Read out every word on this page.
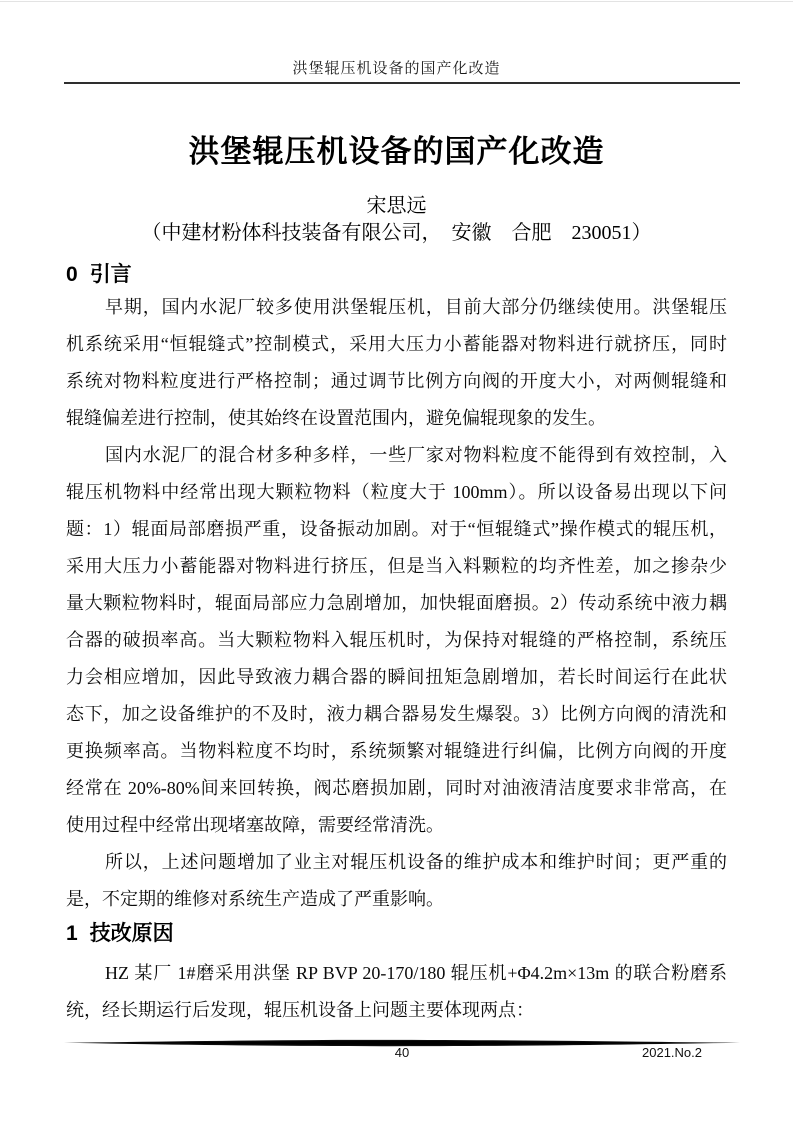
洪堡辊压机设备的国产化改造
洪堡辊压机设备的国产化改造
宋思远
（中建材粉体科技装备有限公司，　安徽　合肥　230051）
0 引言
早期，国内水泥厂较多使用洪堡辊压机，目前大部分仍继续使用。洪堡辊压
机系统采用“恒辊缝式”控制模式，采用大压力小蓄能器对物料进行就挤压，同时
系统对物料粒度进行严格控制；通过调节比例方向阀的开度大小，对两侧辊缝和
辊缝偏差进行控制，使其始终在设置范围内，避免偏辊现象的发生。
国内水泥厂的混合材多种多样，一些厂家对物料粒度不能得到有效控制，入
辊压机物料中经常出现大颗粒物料（粒度大于 100mm）。所以设备易出现以下问
题：1）辊面局部磨损严重，设备振动加剧。对于“恒辊缝式”操作模式的辊压机，
采用大压力小蓄能器对物料进行挤压，但是当入料颗粒的均齐性差，加之掺杂少
量大颗粒物料时，辊面局部应力急剧增加，加快辊面磨损。2）传动系统中液力耦
合器的破损率高。当大颗粒物料入辊压机时，为保持对辊缝的严格控制，系统压
力会相应增加，因此导致液力耦合器的瞬间扭矩急剧增加，若长时间运行在此状
态下，加之设备维护的不及时，液力耦合器易发生爆裂。3）比例方向阀的清洗和
更换频率高。当物料粒度不均时，系统频繁对辊缝进行纠偏，比例方向阀的开度
经常在 20%-80%间来回转换，阀芯磨损加剧，同时对油液清洁度要求非常高，在
使用过程中经常出现堵塞故障，需要经常清洗。
所以，上述问题增加了业主对辊压机设备的维护成本和维护时间；更严重的
是，不定期的维修对系统生产造成了严重影响。
1 技改原因
HZ 某厂 1#磨采用洪堡 RP BVP 20-170/180 辊压机+Φ4.2m×13m 的联合粉磨系
统，经长期运行后发现，辊压机设备上问题主要体现两点：
40	2021.No.2
